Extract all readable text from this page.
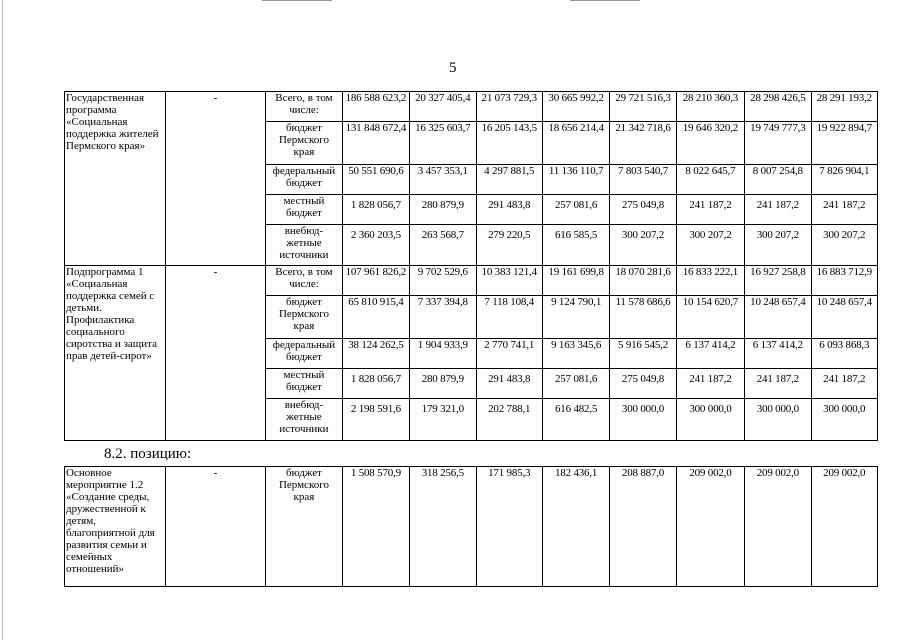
5
Государственная программа «Социальная поддержка жителей Пермского края»	-	Всего, в том числе:	186 588 623,2	20 327 405,4	21 073 729,3	30 665 992,2	29 721 516,3	28 210 360,3	28 298 426,5	28 291 193,2
		бюджет Пермского края	131 848 672,4	16 325 603,7	16 205 143,5	18 656 214,4	21 342 718,6	19 646 320,2	19 749 777,3	19 922 894,7
		федеральный бюджет	50 551 690,6	3 457 353,1	4 297 881,5	11 136 110,7	7 803 540,7	8 022 645,7	8 007 254,8	7 826 904,1
		местный бюджет	1 828 056,7	280 879,9	291 483,8	257 081,6	275 049,8	241 187,2	241 187,2	241 187,2
		внебюд-жетные источники	2 360 203,5	263 568,7	279 220,5	616 585,5	300 207,2	300 207,2	300 207,2	300 207,2
Подпрограмма 1 «Социальная поддержка семей с детьми. Профилактика социального сиротства и защита прав детей-сирот»	-	Всего, в том числе:	107 961 826,2	9 702 529,6	10 383 121,4	19 161 699,8	18 070 281,6	16 833 222,1	16 927 258,8	16 883 712,9
		бюджет Пермского края	65 810 915,4	7 337 394,8	7 118 108,4	9 124 790,1	11 578 686,6	10 154 620,7	10 248 657,4	10 248 657,4
		федеральный бюджет	38 124 262,5	1 904 933,9	2 770 741,1	9 163 345,6	5 916 545,2	6 137 414,2	6 137 414,2	6 093 868,3
		местный бюджет	1 828 056,7	280 879,9	291 483,8	257 081,6	275 049,8	241 187,2	241 187,2	241 187,2
		внебюд-жетные источники	2 198 591,6	179 321,0	202 788,1	616 482,5	300 000,0	300 000,0	300 000,0	300 000,0
8.2. позицию:
Основное мероприятие 1.2 «Создание среды, дружественной к детям, благоприятной для развития семьи и семейных отношений»	-	бюджет Пермского края	1 508 570,9	318 256,5	171 985,3	182 436,1	208 887,0	209 002,0	209 002,0	209 002,0
